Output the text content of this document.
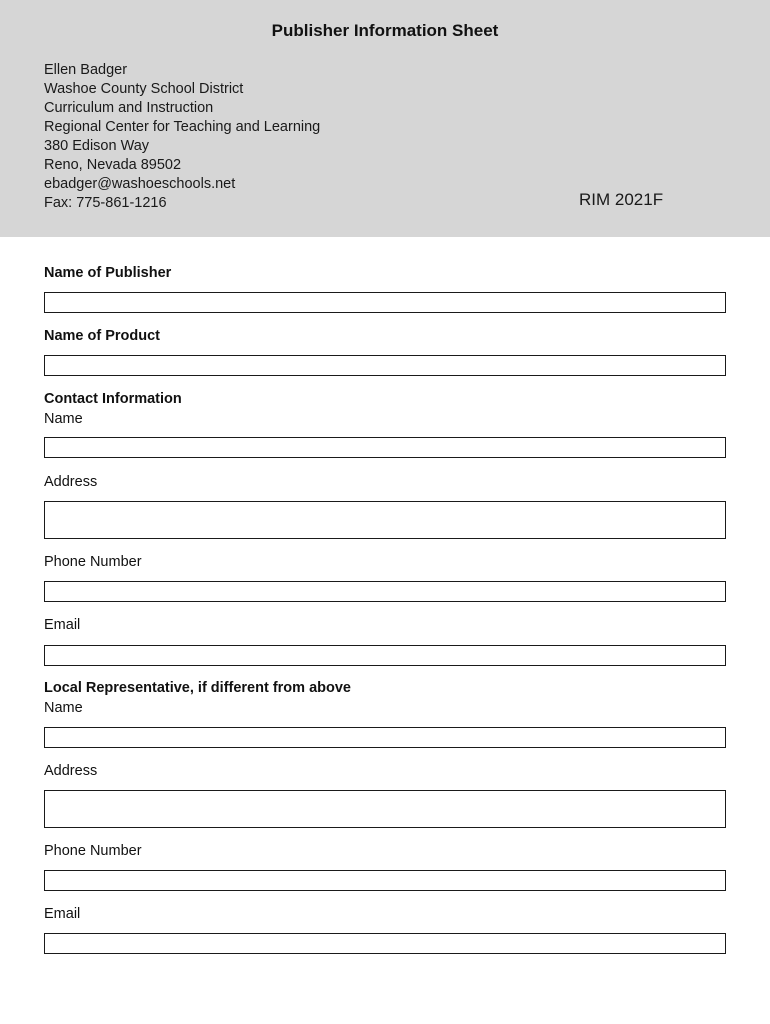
Publisher Information Sheet
Ellen Badger
Washoe County School District
Curriculum and Instruction
Regional Center for Teaching and Learning
380 Edison Way
Reno, Nevada 89502
ebadger@washoeschools.net
Fax: 775-861-1216	RIM 2021F
Name of Publisher
Name of Product
Contact Information
Name
Address
Phone Number
Email
Local Representative, if different from above
Name
Address
Phone Number
Email
